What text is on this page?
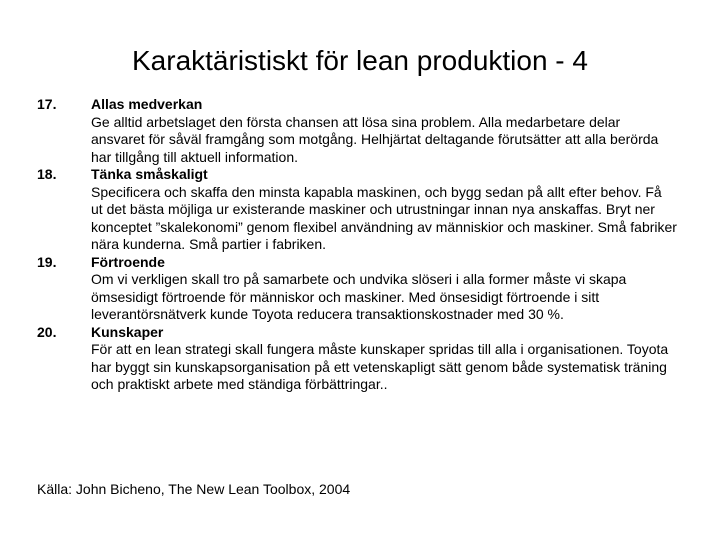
Karaktäristiskt för lean produktion - 4
17.	Allas medverkan
Ge alltid arbetslaget den första chansen att lösa sina problem. Alla medarbetare delar ansvaret för såväl framgång som motgång. Helhjärtat deltagande förutsätter att alla berörda har tillgång till aktuell information.
18.	Tänka småskaligt
Specificera och skaffa den minsta kapabla maskinen, och bygg sedan på allt efter behov. Få ut det bästa möjliga ur existerande maskiner och utrustningar innan nya anskaffas. Bryt ner konceptet ”skalekonomi” genom flexibel användning av människior och maskiner. Små fabriker nära kunderna. Små partier i fabriken.
19.	Förtroende
Om vi verkligen skall tro på samarbete och undvika slöseri i alla former måste vi skapa ömsesidigt förtroende för människor och maskiner. Med önsesidigt förtroende i sitt leverantörsnätverk kunde Toyota reducera transaktionskostnader med 30 %.
20.	Kunskaper
För att en lean strategi skall fungera måste kunskaper spridas till alla i organisationen. Toyota har byggt sin kunskapsorganisation på ett vetenskapligt sätt genom både systematisk träning och praktiskt arbete med ständiga förbättringar..
Källa: John Bicheno, The New Lean Toolbox, 2004
